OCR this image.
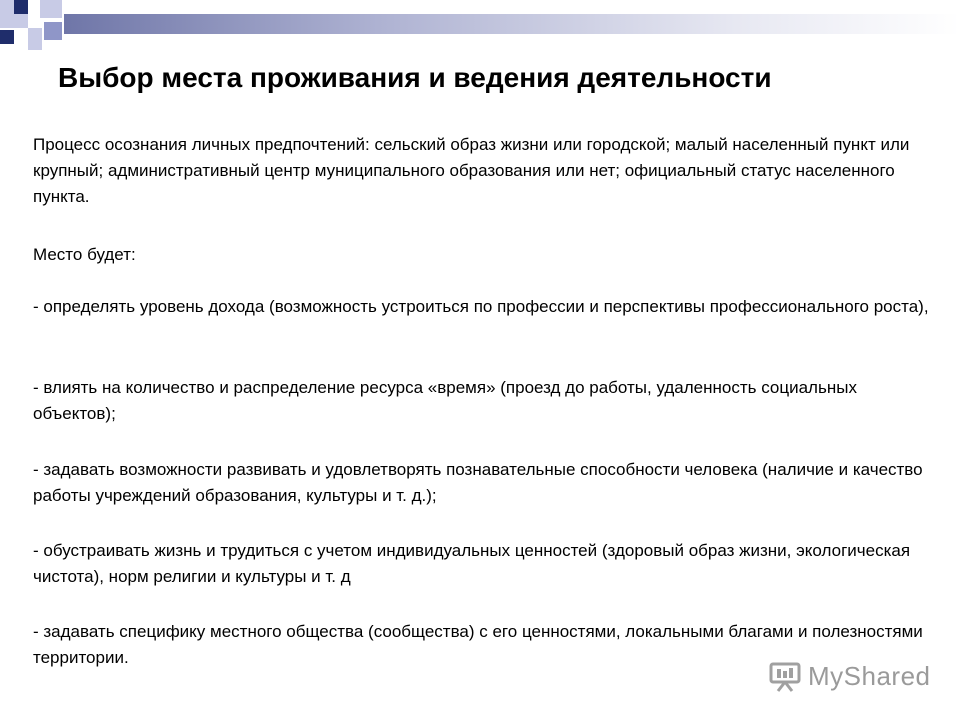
Выбор места проживания и ведения деятельности

Процесс осознания личных предпочтений: сельский образ жизни или городской; малый населенный пункт или крупный; административный центр муниципального образования или нет; официальный статус населенного пункта.

Место будет:

- определять уровень дохода (возможность устроиться по профессии и перспективы профессионального роста),

- влиять на количество и распределение ресурса «время» (проезд до работы, удаленность социальных объектов);

- задавать возможности развивать и удовлетворять познавательные способности человека (наличие и качество работы учреждений образования, культуры и т. д.);

- обустраивать жизнь и трудиться с учетом индивидуальных ценностей (здоровый образ жизни, экологическая чистота), норм религии и культуры и т. д

- задавать специфику местного общества (сообщества) с его ценностями, локальными благами и полезностями территории.

MyShared
